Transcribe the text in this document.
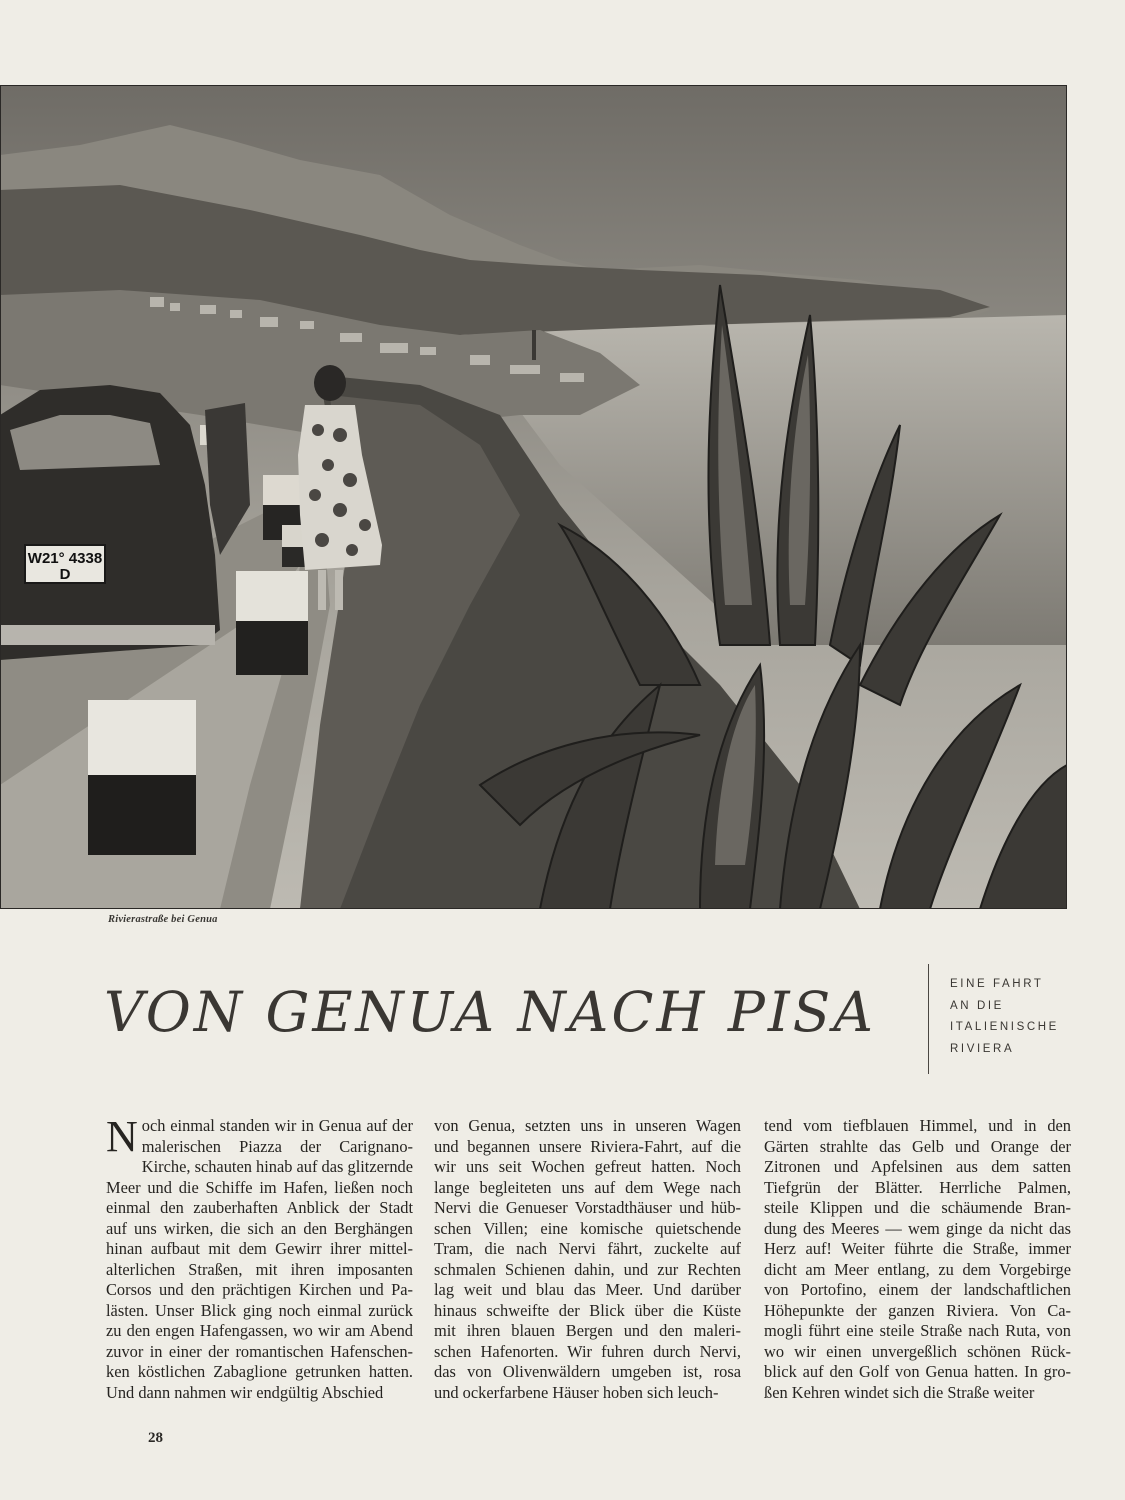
W21° 4338
D
Rivierastraße bei Genua
VON GENUA NACH PISA	EINE FAHRT
AN DIE
ITALIENISCHE
RIVIERA
N och einmal standen wir in Genua auf der
malerischen Piazza der Carignano-
Kirche, schauten hinab auf das glitzernde
Meer und die Schiffe im Hafen, ließen noch
einmal den zauberhaften Anblick der Stadt
auf uns wirken, die sich an den Berghängen
hinan aufbaut mit dem Gewirr ihrer mittel-
alterlichen Straßen, mit ihren imposanten
Corsos und den prächtigen Kirchen und Pa-
lästen. Unser Blick ging noch einmal zurück
zu den engen Hafengassen, wo wir am Abend
zuvor in einer der romantischen Hafenschen-
ken köstlichen Zabaglione getrunken hatten.
Und dann nahmen wir endgültig Abschied
von Genua, setzten uns in unseren Wagen
und begannen unsere Riviera-Fahrt, auf die
wir uns seit Wochen gefreut hatten. Noch
lange begleiteten uns auf dem Wege nach
Nervi die Genueser Vorstadthäuser und hüb-
schen Villen; eine komische quietschende
Tram, die nach Nervi fährt, zuckelte auf
schmalen Schienen dahin, und zur Rechten
lag weit und blau das Meer. Und darüber
hinaus schweifte der Blick über die Küste
mit ihren blauen Bergen und den maleri-
schen Hafenorten. Wir fuhren durch Nervi,
das von Olivenwäldern umgeben ist, rosa
und ockerfarbene Häuser hoben sich leuch-
tend vom tiefblauen Himmel, und in den
Gärten strahlte das Gelb und Orange der
Zitronen und Apfelsinen aus dem satten
Tiefgrün der Blätter. Herrliche Palmen,
steile Klippen und die schäumende Bran-
dung des Meeres — wem ginge da nicht das
Herz auf! Weiter führte die Straße, immer
dicht am Meer entlang, zu dem Vorgebirge
von Portofino, einem der landschaftlichen
Höhepunkte der ganzen Riviera. Von Ca-
mogli führt eine steile Straße nach Ruta, von
wo wir einen unvergeßlich schönen Rück-
blick auf den Golf von Genua hatten. In gro-
ßen Kehren windet sich die Straße weiter
28
